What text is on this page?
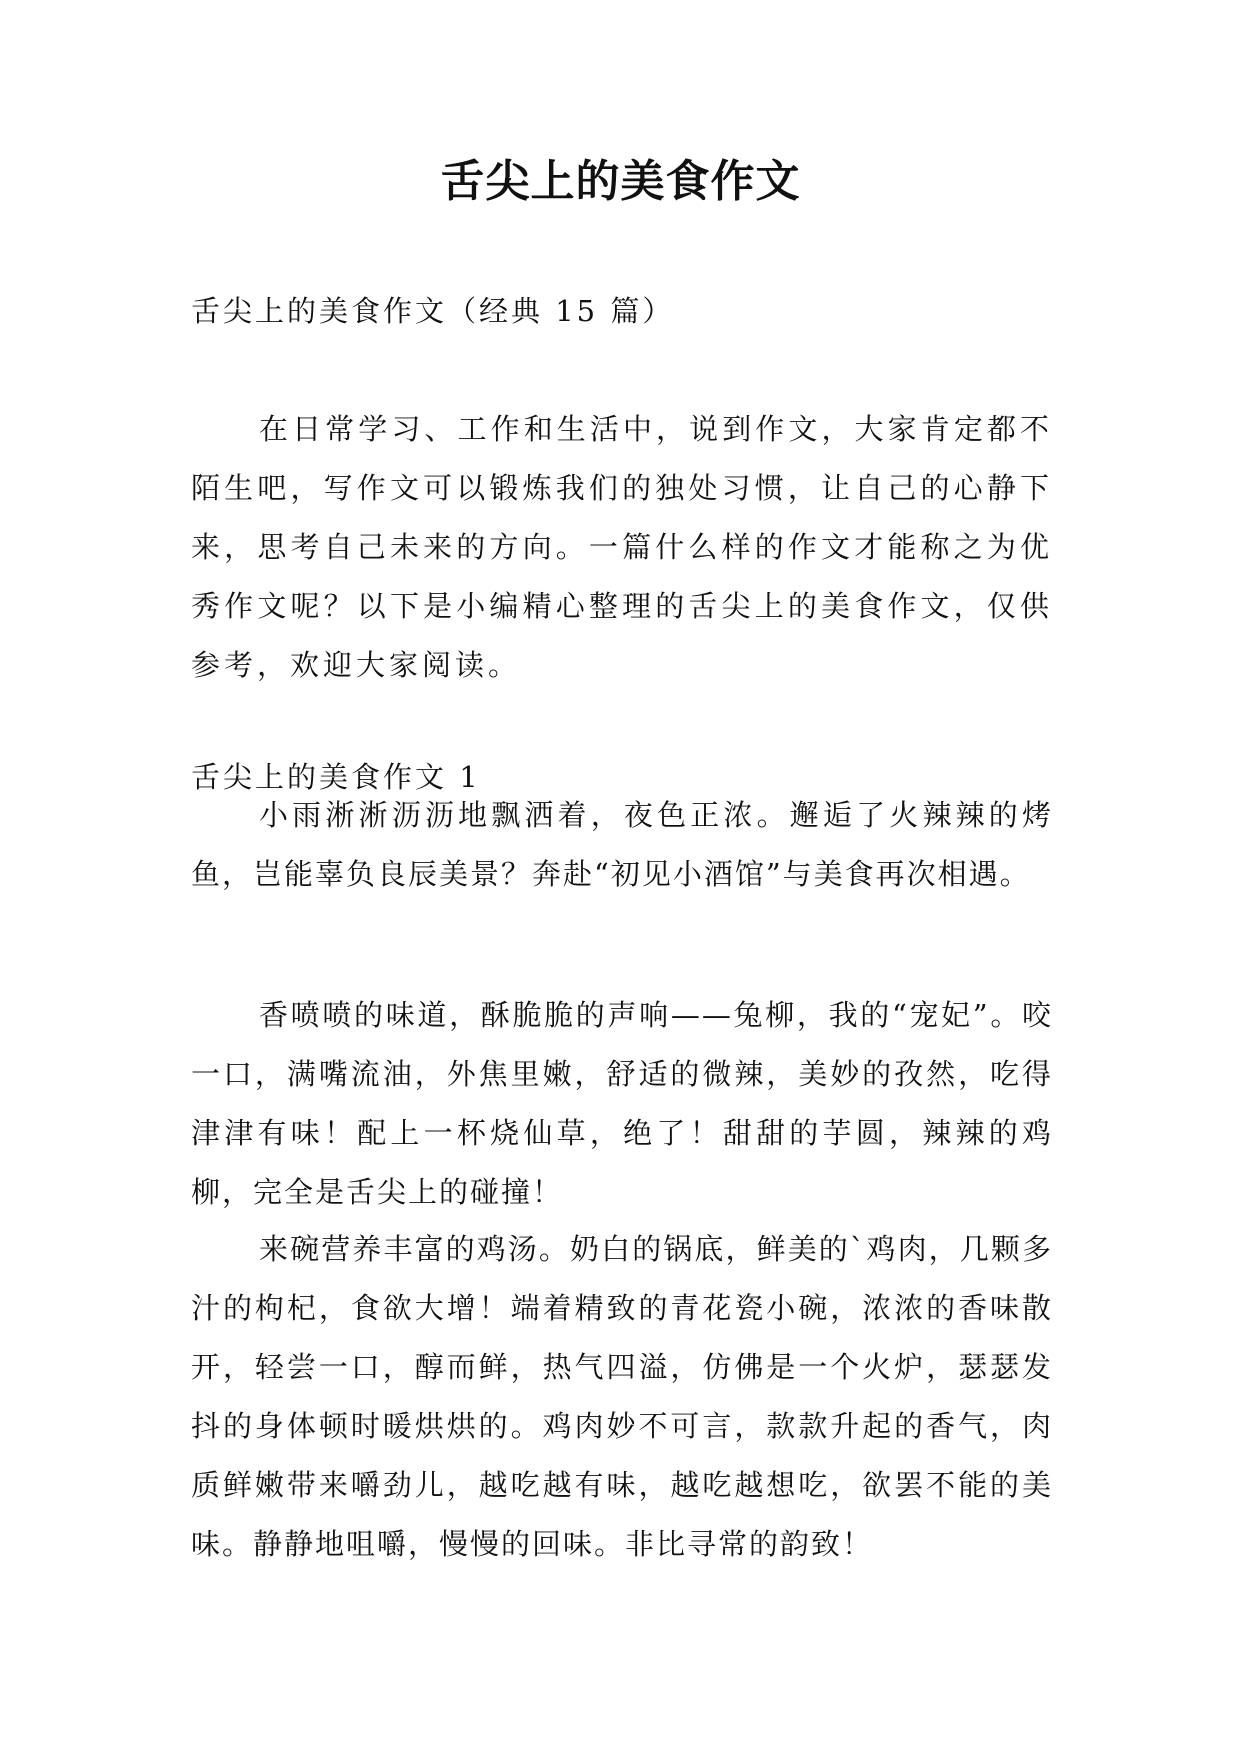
舌尖上的美食作文
舌尖上的美食作文（经典 15 篇）

在日常学习、工作和生活中，说到作文，大家肯定都不陌生吧，写作文可以锻炼我们的独处习惯，让自己的心静下来，思考自己未来的方向。一篇什么样的作文才能称之为优秀作文呢？以下是小编精心整理的舌尖上的美食作文，仅供参考，欢迎大家阅读。

舌尖上的美食作文 1

小雨淅淅沥沥地飘洒着，夜色正浓。邂逅了火辣辣的烤鱼，岂能辜负良辰美景？奔赴“初见小酒馆”与美食再次相遇。

香喷喷的味道，酥脆脆的声响——兔柳，我的“宠妃”。咬一口，满嘴流油，外焦里嫩，舒适的微辣，美妙的孜然，吃得津津有味！配上一杯烧仙草，绝了！甜甜的芋圆，辣辣的鸡柳，完全是舌尖上的碰撞！

来碗营养丰富的鸡汤。奶白的锅底，鲜美的`鸡肉，几颗多汁的枸杞，食欲大增！端着精致的青花瓷小碗，浓浓的香味散开，轻尝一口，醇而鲜，热气四溢，仿佛是一个火炉，瑟瑟发抖的身体顿时暖烘烘的。鸡肉妙不可言，款款升起的香气，肉质鲜嫩带来嚼劲儿，越吃越有味，越吃越想吃，欲罢不能的美味。静静地咀嚼，慢慢的回味。非比寻常的韵致！
